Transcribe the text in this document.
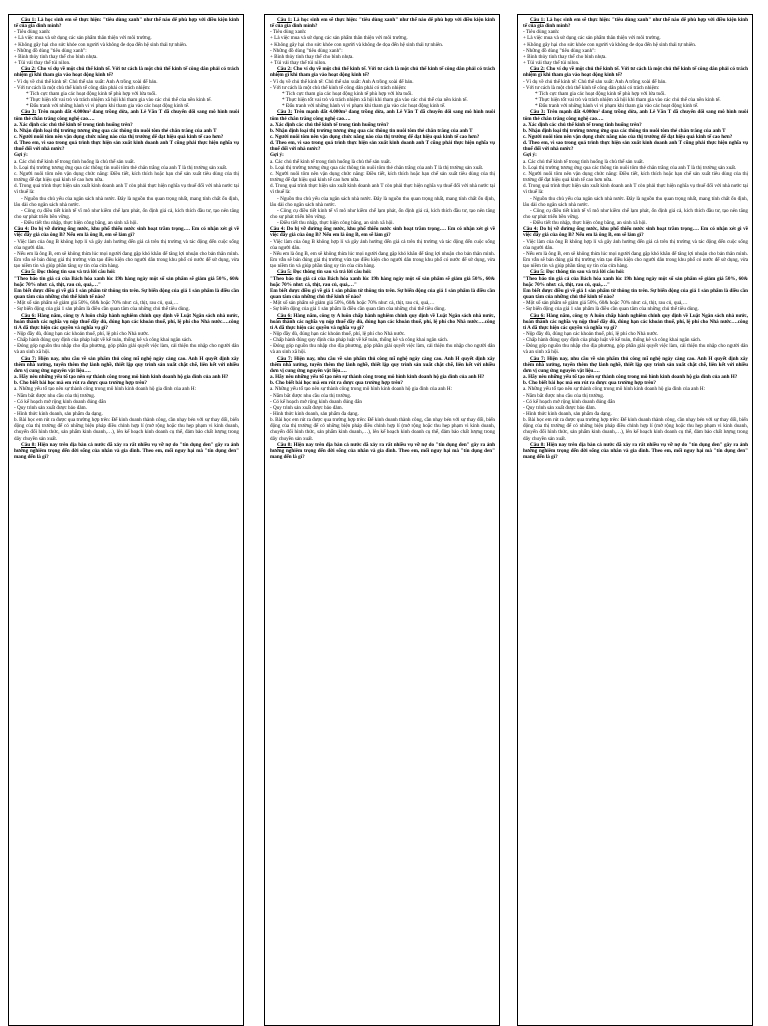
Câu 1: Là học sinh em sẽ thực hiện: "tiêu dùng xanh" như thế nào để phù hợp với điều kiện kinh tế của gia đình mình?

- Tiêu dùng xanh:

+ Là việc mua và sử dụng các sản phẩm thân thiện với môi trường.

+ Không gây hại cho sức khỏe con người và không đe dọa đến hệ sinh thái tự nhiên.

- Những đồ dùng "tiêu dùng xanh":

+ Bình thủy tinh thay thế cho bình nhựa.

+ Túi vải thay thế túi nilon.

Câu 2: Cho ví dụ về một chủ thể kinh tế. Với tư cách là một chủ thể kinh tế công dân phải có trách nhiệm gì khi tham gia vào hoạt động kinh tế?

- Ví dụ về chủ thể kinh tế: Chủ thể sản xuất: Anh A trồng xoài để bán.

- Với tư cách là một chủ thể kinh tế công dân phải có trách nhiệm:

* Tích cực tham gia các hoạt động kinh tế phù hợp với lứa tuổi.

* Thực hiện tốt vai trò và trách nhiệm xã hội khi tham gia vào các chủ thể của nền kinh tế.

* Đấu tranh với những hành vi vi phạm khi tham gia vào các hoạt động kinh tế.

Câu 3: Trên mạnh đất 4.000m² đang trồng dừa, anh Lê Văn T đã chuyển đổi sang mô hình nuôi tôm thẻ chân trắng công nghệ cao….

a. Xác định các chủ thể kinh tế trong tình huống trên?

b. Nhận định loại thị trường tương ứng qua các thông tin nuôi tôm thẻ chân trắng của anh T

c. Người nuôi tôm nên vận dụng chức năng nào của thị trường để đạt hiệu quả kinh tế cao hơn?

d. Theo em, vì sao trong quá trình thực hiện sản xuất kinh doanh anh T cũng phải thực hiện nghĩa vụ thuế đối với nhà nước?

Gợi ý:

a. Các chủ thể kinh tế trong tình huống là chủ thể sản xuất.

b. Loại thị trường tương ứng qua các thông tin nuôi tôm thẻ chân trắng của anh T là thị trường sản xuất.

c. Người nuôi tôm nên vận dụng chức năng: Điều tiết, kích thích hoặc hạn chế sản xuất tiêu dùng của thị trường để đạt hiệu quả kinh tế cao hơn nữa.

d. Trong quá trình thực hiện sản xuất kinh doanh anh T còn phải thực hiện nghĩa vụ thuế đối với nhà nước tại vì thuế là:

- Nguồn thu chủ yếu của ngân sách nhà nước. Đây là nguồn thu quan trọng nhất, mang tính chất ổn định, lâu dài cho ngân sách nhà nước.

- Công cụ điều tiết kinh tế vĩ mô như kiềm chế lạm phát, ổn định giá cả, kích thích đầu tư, tạo nên tăng cho sự phát triển bền vững.

- Điều tiết thu nhập, thực hiện công bằng, an sinh xã hội.

Câu 4: Do bị vỡ đường ống nước, khu phố thiếu nước sinh hoạt trầm trọng…. Em có nhận xét gì về việc đẩy giá của ông B? Nếu em là ông B, em sẽ làm gì?

- Việc làm của ông B không hợp lí và gây ảnh hưởng đến giá cả trên thị trường và tác động đến cuộc sống của người dân.

- Nếu em là ông B, em sẽ không thừa lúc mọi người đang gặp khó khăn để tăng lợi nhuận cho bản thân mình. Em vẫn sẽ bán đúng giá thị trường vừa tạo điều kiện cho người dân trong khu phố có nước để sử dụng, vừa tạo niềm tin và giúp phần tăng uy tín của cửa hàng.

Câu 5: Đọc thông tin sau và trả lời câu hỏi:

"Theo báo tin giá cả của Bách hóa xanh lúc 19h hàng ngày một số sản phẩm sẽ giảm giá 50%, 60& hoặc 70% như: cá, thịt, rau củ, quả,…"

Em biết được điều gì về giá 1 sản phẩm từ thông tin trên. Sự biến động của giá 1 sản phẩm là điều cần quan tâm của những chủ thể kinh tế nào?

- Một số sản phẩm sẽ giảm giá 50%, 60& hoặc 70% như: cá, thịt, rau củ, quả,…

- Sự biến động của giá 1 sản phẩm là điều cần quan tâm của những chủ thể tiêu dùng.

Câu 6: Hàng năm, công ty A luôn chấp hành nghiêm chỉnh quy định về Luật Ngân sách nhà nước, hoàn thành các nghĩa vụ nộp thuế đầy đủ, đúng hạn các khoản thuế, phí, lệ phí cho Nhà nước….công ti A đã thực hiện các quyền và nghĩa vụ gì?

- Nộp đầy đủ, đúng hạn các khoản thuế, phí, lệ phí cho Nhà nước.

- Chấp hành đúng quy định của pháp luật về kế toán, thống kê và công khai ngân sách.

- Đóng góp nguồn thu nhập cho địa phương, góp phần giải quyết việc làm, cải thiện thu nhập cho người dân và an sinh xã hội.

Câu 7: Hiện nay, nhu cầu về sản phẩm thủ công mĩ nghệ ngày càng cao. Anh H quyết định xây thêm nhà xưởng, tuyển thêm thợ lành nghề, thiết lập quy trình sản xuất chặt chẽ, liên kết với nhiều đơn vị cung ứng nguyên vật liệu….

a. Hãy nêu những yếu tố tạo nên sự thành công trong mô hình kinh doanh hộ gia đình của anh H?

b. Cho biết bài học mà em rút ra được qua trường hợp trên?

a. Những yếu tố tạo nên sự thành công trong mô hình kinh doanh hộ gia đình của anh H:

- Nắm bắt được nhu cầu của thị trường.

- Có kế hoạch mở rộng kinh doanh đúng đắn

- Quy trình sản xuất được bảo đảm.

- Hình thức kinh doanh, sản phẩm đa dạng.

b. Bài học em rút ra được qua trường hợp trên: Để kinh doanh thành công, cần nhạy bén với sự thay đổi, biến động của thị trường để có những biện pháp điều chỉnh hợp lí (mở rộng hoặc thu hẹp phạm vi kinh doanh, chuyển đổi hình thức, sản phẩm kinh doanh,…), lên kế hoạch kinh doanh cụ thể, đảm bảo chất lượng trong dây chuyền sản xuất.

Câu 8: Hiện nay trên địa bàn cả nước đã xảy ra rất nhiều vụ vỡ nợ do "tín dụng đen" gây ra ảnh hưởng nghiêm trọng đến đời sống của nhân và gia đình. Theo em, mối nguy hại mà "tín dụng đen" mang đến là gì?

Câu 1: Là học sinh em sẽ thực hiện: "tiêu dùng xanh" như thế nào để phù hợp với điều kiện kinh tế của gia đình mình?

- Tiêu dùng xanh:

+ Là việc mua và sử dụng các sản phẩm thân thiện với môi trường.

+ Không gây hại cho sức khỏe con người và không đe dọa đến hệ sinh thái tự nhiên.

- Những đồ dùng "tiêu dùng xanh":

+ Bình thủy tinh thay thế cho bình nhựa.

+ Túi vải thay thế túi nilon.

Câu 2: Cho ví dụ về một chủ thể kinh tế. Với tư cách là một chủ thể kinh tế công dân phải có trách nhiệm gì khi tham gia vào hoạt động kinh tế?

- Ví dụ về chủ thể kinh tế: Chủ thể sản xuất: Anh A trồng xoài để bán.

- Với tư cách là một chủ thể kinh tế công dân phải có trách nhiệm:

* Tích cực tham gia các hoạt động kinh tế phù hợp với lứa tuổi.

* Thực hiện tốt vai trò và trách nhiệm xã hội khi tham gia vào các chủ thể của nền kinh tế.

* Đấu tranh với những hành vi vi phạm khi tham gia vào các hoạt động kinh tế.

Câu 3: Trên mạnh đất 4.000m² đang trồng dừa, anh Lê Văn T đã chuyển đổi sang mô hình nuôi tôm thẻ chân trắng công nghệ cao….

a. Xác định các chủ thể kinh tế trong tình huống trên?

b. Nhận định loại thị trường tương ứng qua các thông tin nuôi tôm thẻ chân trắng của anh T

c. Người nuôi tôm nên vận dụng chức năng nào của thị trường để đạt hiệu quả kinh tế cao hơn?

d. Theo em, vì sao trong quá trình thực hiện sản xuất kinh doanh anh T cũng phải thực hiện nghĩa vụ thuế đối với nhà nước?

Gợi ý:

a. Các chủ thể kinh tế trong tình huống là chủ thể sản xuất.

b. Loại thị trường tương ứng qua các thông tin nuôi tôm thẻ chân trắng của anh T là thị trường sản xuất.

c. Người nuôi tôm nên vận dụng chức năng: Điều tiết, kích thích hoặc hạn chế sản xuất tiêu dùng của thị trường để đạt hiệu quả kinh tế cao hơn nữa.

d. Trong quá trình thực hiện sản xuất kinh doanh anh T còn phải thực hiện nghĩa vụ thuế đối với nhà nước tại vì thuế là:

- Nguồn thu chủ yếu của ngân sách nhà nước. Đây là nguồn thu quan trọng nhất, mang tính chất ổn định, lâu dài cho ngân sách nhà nước.

- Công cụ điều tiết kinh tế vĩ mô như kiềm chế lạm phát, ổn định giá cả, kích thích đầu tư, tạo nên tăng cho sự phát triển bền vững.

- Điều tiết thu nhập, thực hiện công bằng, an sinh xã hội.

Câu 4: Do bị vỡ đường ống nước, khu phố thiếu nước sinh hoạt trầm trọng…. Em có nhận xét gì về việc đẩy giá của ông B? Nếu em là ông B, em sẽ làm gì?

- Việc làm của ông B không hợp lí và gây ảnh hưởng đến giá cả trên thị trường và tác động đến cuộc sống của người dân.

- Nếu em là ông B, em sẽ không thừa lúc mọi người đang gặp khó khăn để tăng lợi nhuận cho bản thân mình. Em vẫn sẽ bán đúng giá thị trường vừa tạo điều kiện cho người dân trong khu phố có nước để sử dụng, vừa tạo niềm tin và giúp phần tăng uy tín của cửa hàng.

Câu 5: Đọc thông tin sau và trả lời câu hỏi:

"Theo báo tin giá cả của Bách hóa xanh lúc 19h hàng ngày một số sản phẩm sẽ giảm giá 50%, 60& hoặc 70% như: cá, thịt, rau củ, quả,…"

Em biết được điều gì về giá 1 sản phẩm từ thông tin trên. Sự biến động của giá 1 sản phẩm là điều cần quan tâm của những chủ thể kinh tế nào?

- Một số sản phẩm sẽ giảm giá 50%, 60& hoặc 70% như: cá, thịt, rau củ, quả,…

- Sự biến động của giá 1 sản phẩm là điều cần quan tâm của những chủ thể tiêu dùng.

Câu 6: Hàng năm, công ty A luôn chấp hành nghiêm chỉnh quy định về Luật Ngân sách nhà nước, hoàn thành các nghĩa vụ nộp thuế đầy đủ, đúng hạn các khoản thuế, phí, lệ phí cho Nhà nước….công ti A đã thực hiện các quyền và nghĩa vụ gì?

- Nộp đầy đủ, đúng hạn các khoản thuế, phí, lệ phí cho Nhà nước.

- Chấp hành đúng quy định của pháp luật về kế toán, thống kê và công khai ngân sách.

- Đóng góp nguồn thu nhập cho địa phương, góp phần giải quyết việc làm, cải thiện thu nhập cho người dân và an sinh xã hội.

Câu 7: Hiện nay, nhu cầu về sản phẩm thủ công mĩ nghệ ngày càng cao. Anh H quyết định xây thêm nhà xưởng, tuyển thêm thợ lành nghề, thiết lập quy trình sản xuất chặt chẽ, liên kết với nhiều đơn vị cung ứng nguyên vật liệu….

a. Hãy nêu những yếu tố tạo nên sự thành công trong mô hình kinh doanh hộ gia đình của anh H?

b. Cho biết bài học mà em rút ra được qua trường hợp trên?

a. Những yếu tố tạo nên sự thành công trong mô hình kinh doanh hộ gia đình của anh H:

- Nắm bắt được nhu cầu của thị trường.

- Có kế hoạch mở rộng kinh doanh đúng đắn

- Quy trình sản xuất được bảo đảm.

- Hình thức kinh doanh, sản phẩm đa dạng.

b. Bài học em rút ra được qua trường hợp trên: Để kinh doanh thành công, cần nhạy bén với sự thay đổi, biến động của thị trường để có những biện pháp điều chỉnh hợp lí (mở rộng hoặc thu hẹp phạm vi kinh doanh, chuyển đổi hình thức, sản phẩm kinh doanh,…), lên kế hoạch kinh doanh cụ thể, đảm bảo chất lượng trong dây chuyền sản xuất.

Câu 8: Hiện nay trên địa bàn cả nước đã xảy ra rất nhiều vụ vỡ nợ do "tín dụng đen" gây ra ảnh hưởng nghiêm trọng đến đời sống của nhân và gia đình. Theo em, mối nguy hại mà "tín dụng đen" mang đến là gì?

Câu 1: Là học sinh em sẽ thực hiện: "tiêu dùng xanh" như thế nào để phù hợp với điều kiện kinh tế của gia đình mình?

- Tiêu dùng xanh:

+ Là việc mua và sử dụng các sản phẩm thân thiện với môi trường.

+ Không gây hại cho sức khỏe con người và không đe dọa đến hệ sinh thái tự nhiên.

- Những đồ dùng "tiêu dùng xanh":

+ Bình thủy tinh thay thế cho bình nhựa.

+ Túi vải thay thế túi nilon.

Câu 2: Cho ví dụ về một chủ thể kinh tế. Với tư cách là một chủ thể kinh tế công dân phải có trách nhiệm gì khi tham gia vào hoạt động kinh tế?

- Ví dụ về chủ thể kinh tế: Chủ thể sản xuất: Anh A trồng xoài để bán.

- Với tư cách là một chủ thể kinh tế công dân phải có trách nhiệm:

* Tích cực tham gia các hoạt động kinh tế phù hợp với lứa tuổi.

* Thực hiện tốt vai trò và trách nhiệm xã hội khi tham gia vào các chủ thể của nền kinh tế.

* Đấu tranh với những hành vi vi phạm khi tham gia vào các hoạt động kinh tế.

Câu 3: Trên mạnh đất 4.000m² đang trồng dừa, anh Lê Văn T đã chuyển đổi sang mô hình nuôi tôm thẻ chân trắng công nghệ cao….

a. Xác định các chủ thể kinh tế trong tình huống trên?

b. Nhận định loại thị trường tương ứng qua các thông tin nuôi tôm thẻ chân trắng của anh T

c. Người nuôi tôm nên vận dụng chức năng nào của thị trường để đạt hiệu quả kinh tế cao hơn?

d. Theo em, vì sao trong quá trình thực hiện sản xuất kinh doanh anh T cũng phải thực hiện nghĩa vụ thuế đối với nhà nước?

Gợi ý:

a. Các chủ thể kinh tế trong tình huống là chủ thể sản xuất.

b. Loại thị trường tương ứng qua các thông tin nuôi tôm thẻ chân trắng của anh T là thị trường sản xuất.

c. Người nuôi tôm nên vận dụng chức năng: Điều tiết, kích thích hoặc hạn chế sản xuất tiêu dùng của thị trường để đạt hiệu quả kinh tế cao hơn nữa.

d. Trong quá trình thực hiện sản xuất kinh doanh anh T còn phải thực hiện nghĩa vụ thuế đối với nhà nước tại vì thuế là:

- Nguồn thu chủ yếu của ngân sách nhà nước. Đây là nguồn thu quan trọng nhất, mang tính chất ổn định, lâu dài cho ngân sách nhà nước.

- Công cụ điều tiết kinh tế vĩ mô như kiềm chế lạm phát, ổn định giá cả, kích thích đầu tư, tạo nên tăng cho sự phát triển bền vững.

- Điều tiết thu nhập, thực hiện công bằng, an sinh xã hội.

Câu 4: Do bị vỡ đường ống nước, khu phố thiếu nước sinh hoạt trầm trọng…. Em có nhận xét gì về việc đẩy giá của ông B? Nếu em là ông B, em sẽ làm gì?

- Việc làm của ông B không hợp lí và gây ảnh hưởng đến giá cả trên thị trường và tác động đến cuộc sống của người dân.

- Nếu em là ông B, em sẽ không thừa lúc mọi người đang gặp khó khăn để tăng lợi nhuận cho bản thân mình. Em vẫn sẽ bán đúng giá thị trường vừa tạo điều kiện cho người dân trong khu phố có nước để sử dụng, vừa tạo niềm tin và giúp phần tăng uy tín của cửa hàng.

Câu 5: Đọc thông tin sau và trả lời câu hỏi:

"Theo báo tin giá cả của Bách hóa xanh lúc 19h hàng ngày một số sản phẩm sẽ giảm giá 50%, 60& hoặc 70% như: cá, thịt, rau củ, quả,…"

Em biết được điều gì về giá 1 sản phẩm từ thông tin trên. Sự biến động của giá 1 sản phẩm là điều cần quan tâm của những chủ thể kinh tế nào?

- Một số sản phẩm sẽ giảm giá 50%, 60& hoặc 70% như: cá, thịt, rau củ, quả,…

- Sự biến động của giá 1 sản phẩm là điều cần quan tâm của những chủ thể tiêu dùng.

Câu 6: Hàng năm, công ty A luôn chấp hành nghiêm chỉnh quy định về Luật Ngân sách nhà nước, hoàn thành các nghĩa vụ nộp thuế đầy đủ, đúng hạn các khoản thuế, phí, lệ phí cho Nhà nước….công ti A đã thực hiện các quyền và nghĩa vụ gì?

- Nộp đầy đủ, đúng hạn các khoản thuế, phí, lệ phí cho Nhà nước.

- Chấp hành đúng quy định của pháp luật về kế toán, thống kê và công khai ngân sách.

- Đóng góp nguồn thu nhập cho địa phương, góp phần giải quyết việc làm, cải thiện thu nhập cho người dân và an sinh xã hội.

Câu 7: Hiện nay, nhu cầu về sản phẩm thủ công mĩ nghệ ngày càng cao. Anh H quyết định xây thêm nhà xưởng, tuyển thêm thợ lành nghề, thiết lập quy trình sản xuất chặt chẽ, liên kết với nhiều đơn vị cung ứng nguyên vật liệu….

a. Hãy nêu những yếu tố tạo nên sự thành công trong mô hình kinh doanh hộ gia đình của anh H?

b. Cho biết bài học mà em rút ra được qua trường hợp trên?

a. Những yếu tố tạo nên sự thành công trong mô hình kinh doanh hộ gia đình của anh H:

- Nắm bắt được nhu cầu của thị trường.

- Có kế hoạch mở rộng kinh doanh đúng đắn

- Quy trình sản xuất được bảo đảm.

- Hình thức kinh doanh, sản phẩm đa dạng.

b. Bài học em rút ra được qua trường hợp trên: Để kinh doanh thành công, cần nhạy bén với sự thay đổi, biến động của thị trường để có những biện pháp điều chỉnh hợp lí (mở rộng hoặc thu hẹp phạm vi kinh doanh, chuyển đổi hình thức, sản phẩm kinh doanh,…), lên kế hoạch kinh doanh cụ thể, đảm bảo chất lượng trong dây chuyền sản xuất.

Câu 8: Hiện nay trên địa bàn cả nước đã xảy ra rất nhiều vụ vỡ nợ do "tín dụng đen" gây ra ảnh hưởng nghiêm trọng đến đời sống của nhân và gia đình. Theo em, mối nguy hại mà "tín dụng đen" mang đến là gì?
